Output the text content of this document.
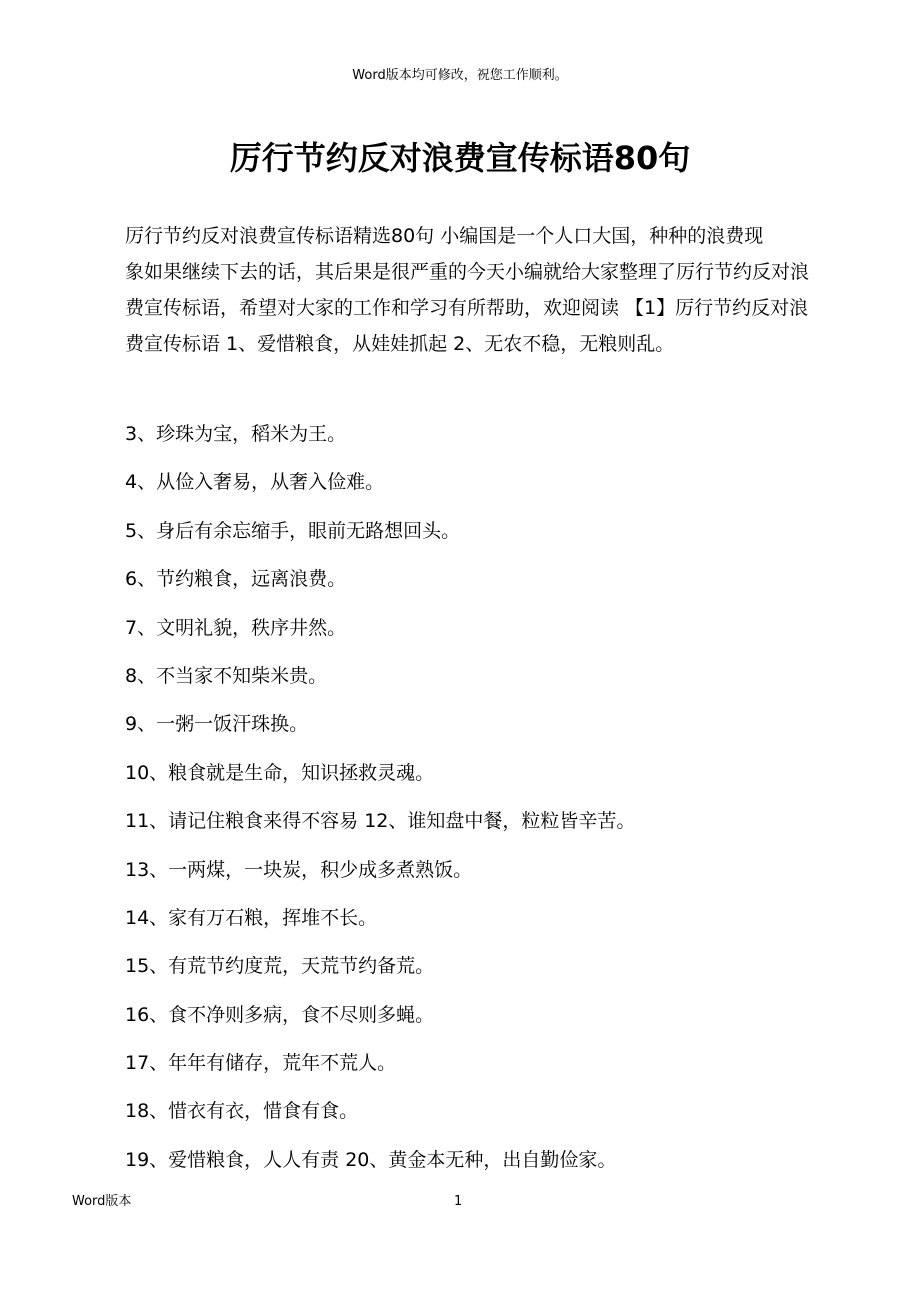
Word版本均可修改，祝您工作顺利。
厉行节约反对浪费宣传标语80句

厉行节约反对浪费宣传标语精选80句 小编国是一个人口大国，种种的浪费现
象如果继续下去的话，其后果是很严重的今天小编就给大家整理了厉行节约反对浪
费宣传标语，希望对大家的工作和学习有所帮助，欢迎阅读 【1】厉行节约反对浪
费宣传标语 1、爱惜粮食，从娃娃抓起 2、无农不稳，无粮则乱。

3、珍珠为宝，稻米为王。
4、从俭入奢易，从奢入俭难。
5、身后有余忘缩手，眼前无路想回头。
6、节约粮食，远离浪费。
7、文明礼貌，秩序井然。
8、不当家不知柴米贵。
9、一粥一饭汗珠换。
10、粮食就是生命，知识拯救灵魂。
11、请记住粮食来得不容易 12、谁知盘中餐，粒粒皆辛苦。
13、一两煤，一块炭，积少成多煮熟饭。
14、家有万石粮，挥堆不长。
15、有荒节约度荒，天荒节约备荒。
16、食不净则多病，食不尽则多蝇。
17、年年有储存，荒年不荒人。
18、惜衣有衣，惜食有食。
19、爱惜粮食，人人有责 20、黄金本无种，出自勤俭家。
Word版本	1
